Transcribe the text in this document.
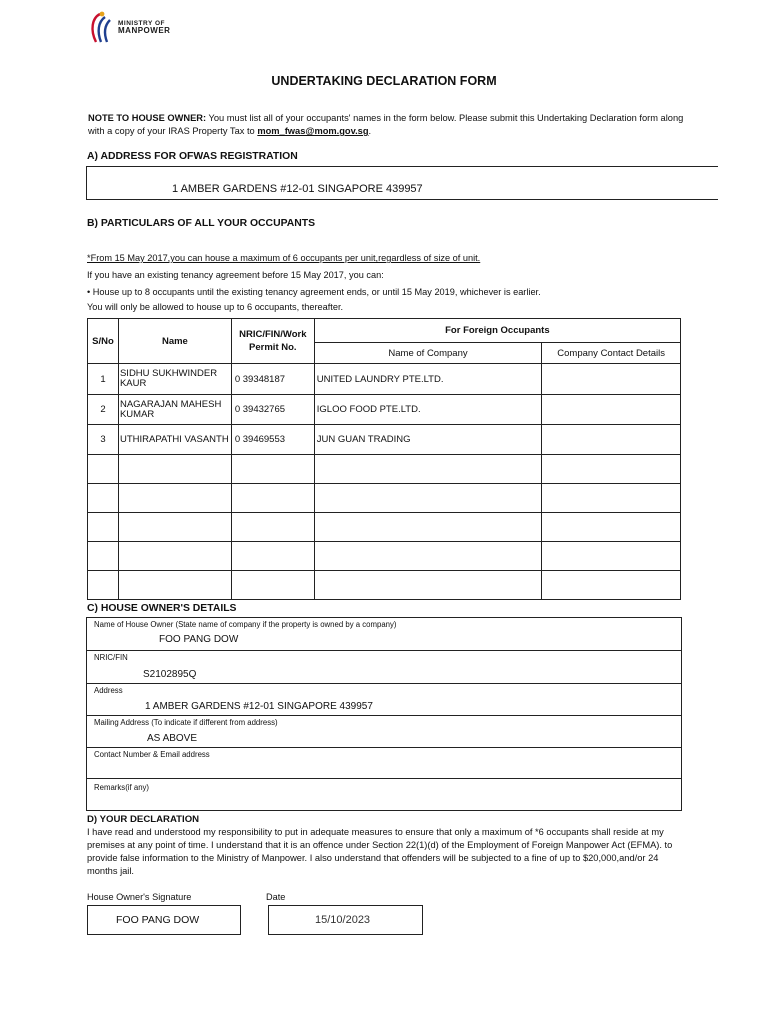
MINISTRY OF

MANPOWER
UNDERTAKING DECLARATION FORM
NOTE TO HOUSE OWNER: You must list all of your occupants' names in the form below. Please submit this Undertaking Declaration form along with a copy of your IRAS Property Tax to mom_fwas@mom.gov.sg.
A) ADDRESS FOR OFWAS REGISTRATION
1 AMBER GARDENS #12-01 SINGAPORE 439957
B) PARTICULARS OF ALL YOUR OCCUPANTS
*From 15 May 2017,you can house a maximum of 6 occupants per unit,regardless of size of unit.
If you have an existing tenancy agreement before 15 May 2017, you can:
• House up to 8 occupants until the existing tenancy agreement ends, or until 15 May 2019, whichever is earlier.
You will only be allowed to house up to 6 occupants, thereafter.
S/No	Name	NRIC/FIN/Work Permit No.	For Foreign Occupants	
			Name of Company	Company Contact Details
1	SIDHU SUKHWINDER KAUR	0 39348187	UNITED LAUNDRY PTE.LTD.	
2	NAGARAJAN MAHESH KUMAR	0 39432765	IGLOO FOOD PTE.LTD.	
3	UTHIRAPATHI VASANTH	0 39469553	JUN GUAN TRADING	

C) HOUSE OWNER'S DETAILS
Name of House Owner (State name of company if the property is owned by a company)
FOO PANG DOW
NRIC/FIN
S2102895Q
Address
1 AMBER GARDENS #12-01 SINGAPORE 439957
Mailing Address (To indicate if different from address)
AS ABOVE
Contact Number & Email address
Remarks(if any)
D) YOUR DECLARATION
I have read and understood my responsibility to put in adequate measures to ensure that only a maximum of *6 occupants shall reside at my premises at any point of time. I understand that it is an offence under Section 22(1)(d) of the Employment of Foreign Manpower Act (EFMA). to provide false information to the Ministry of Manpower. I also understand that offenders will be subjected to a fine of up to $20,000,and/or 24 months jail.
House Owner's Signature
FOO PANG DOW
Date
15/10/2023
